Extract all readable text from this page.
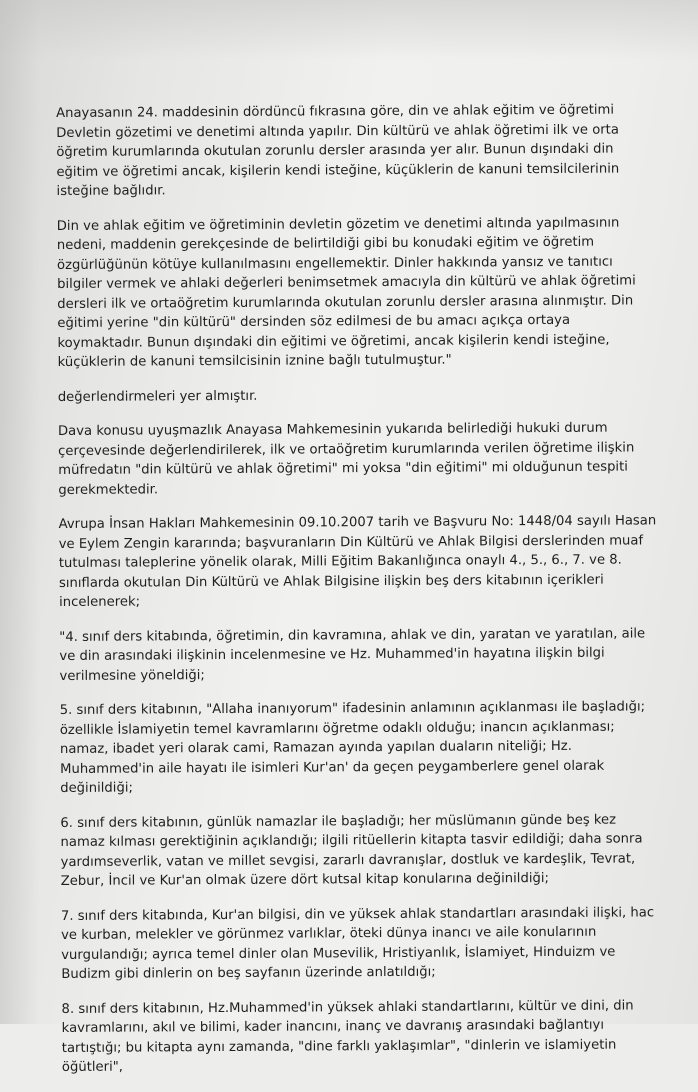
Anayasanın 24. maddesinin dördüncü fıkrasına göre, din ve ahlak eğitim ve öğretimi Devletin gözetimi ve denetimi altında yapılır. Din kültürü ve ahlak öğretimi ilk ve orta öğretim kurumlarında okutulan zorunlu dersler arasında yer alır. Bunun dışındaki din eğitim ve öğretimi ancak, kişilerin kendi isteğine, küçüklerin de kanuni temsilcilerinin isteğine bağlıdır.

Din ve ahlak eğitim ve öğretiminin devletin gözetim ve denetimi altında yapılmasının nedeni, maddenin gerekçesinde de belirtildiği gibi bu konudaki eğitim ve öğretim özgürlüğünün kötüye kullanılmasını engellemektir. Dinler hakkında yansız ve tanıtıcı bilgiler vermek ve ahlaki değerleri benimsetmek amacıyla din kültürü ve ahlak öğretimi dersleri ilk ve ortaöğretim kurumlarında okutulan zorunlu dersler arasına alınmıştır. Din eğitimi yerine "din kültürü" dersinden söz edilmesi de bu amacı açıkça ortaya koymaktadır. Bunun dışındaki din eğitimi ve öğretimi, ancak kişilerin kendi isteğine, küçüklerin de kanuni temsilcisinin iznine bağlı tutulmuştur."

değerlendirmeleri yer almıştır.

Dava konusu uyuşmazlık Anayasa Mahkemesinin yukarıda belirlediği hukuki durum çerçevesinde değerlendirilerek, ilk ve ortaöğretim kurumlarında verilen öğretime ilişkin müfredatın "din kültürü ve ahlak öğretimi" mi yoksa "din eğitimi" mi olduğunun tespiti gerekmektedir.

Avrupa İnsan Hakları Mahkemesinin 09.10.2007 tarih ve Başvuru No: 1448/04 sayılı Hasan ve Eylem Zengin kararında; başvuranların Din Kültürü ve Ahlak Bilgisi derslerinden muaf tutulması taleplerine yönelik olarak, Milli Eğitim Bakanlığınca onaylı 4., 5., 6., 7. ve 8. sınıflarda okutulan Din Kültürü ve Ahlak Bilgisine ilişkin beş ders kitabının içerikleri incelenerek;

"4. sınıf ders kitabında, öğretimin, din kavramına, ahlak ve din, yaratan ve yaratılan, aile ve din arasındaki ilişkinin incelenmesine ve Hz. Muhammed'in hayatına ilişkin bilgi verilmesine yöneldiği;

5. sınıf ders kitabının, "Allaha inanıyorum" ifadesinin anlamının açıklanması ile başladığı; özellikle İslamiyetin temel kavramlarını öğretme odaklı olduğu; inancın açıklanması; namaz, ibadet yeri olarak cami, Ramazan ayında yapılan duaların niteliği; Hz. Muhammed'in aile hayatı ile isimleri Kur'an' da geçen peygamberlere genel olarak değinildiği;

6. sınıf ders kitabının, günlük namazlar ile başladığı; her müslümanın günde beş kez namaz kılması gerektiğinin açıklandığı; ilgili ritüellerin kitapta tasvir edildiği; daha sonra yardımseverlik, vatan ve millet sevgisi, zararlı davranışlar, dostluk ve kardeşlik, Tevrat, Zebur, İncil ve Kur'an olmak üzere dört kutsal kitap konularına değinildiği;

7. sınıf ders kitabında, Kur'an bilgisi, din ve yüksek ahlak standartları arasındaki ilişki, hac ve kurban, melekler ve görünmez varlıklar, öteki dünya inancı ve aile konularının vurgulandığı; ayrıca temel dinler olan Musevilik, Hristiyanlık, İslamiyet, Hinduizm ve Budizm gibi dinlerin on beş sayfanın üzerinde anlatıldığı;

8. sınıf ders kitabının, Hz.Muhammed'in yüksek ahlaki standartlarını, kültür ve dini, din kavramlarını, akıl ve bilimi, kader inancını, inanç ve davranış arasındaki bağlantıyı tartıştığı; bu kitapta aynı zamanda, "dine farklı yaklaşımlar", "dinlerin ve islamiyetin öğütleri",
